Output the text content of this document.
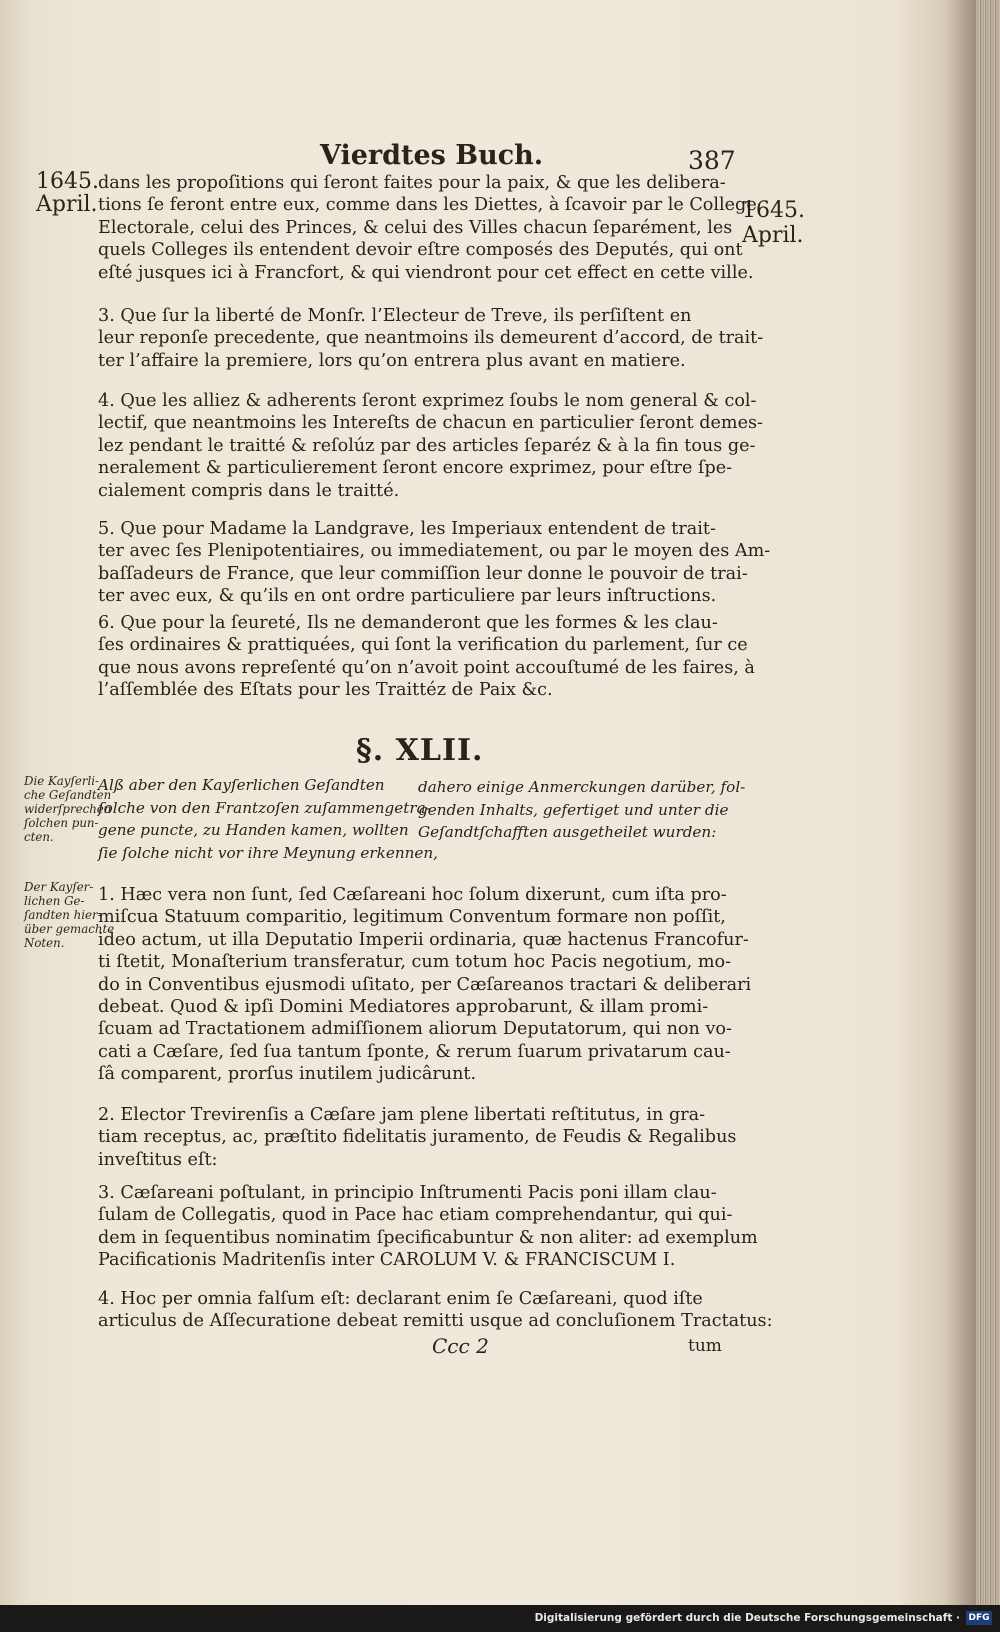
Vierdtes Buch.	387
1645.
April.	1645.
April.
dans les propoſitions qui ſeront faites pour la paix, & que les delibera-
tions ſe feront entre eux, comme dans les Diettes, à ſcavoir par le College
Electorale, celui des Princes, & celui des Villes chacun ſeparément, les
quels Colleges ils entendent devoir eſtre composés des Deputés, qui ont
eſté jusques ici à Francfort, & qui viendront pour cet effect en cette ville.
3. Que ſur la liberté de Monſr. l’Electeur de Treve, ils perſiſtent en
leur reponſe precedente, que neantmoins ils demeurent d’accord, de trait-
ter l’affaire la premiere, lors qu’on entrera plus avant en matiere.
4. Que les alliez & adherents ſeront exprimez ſoubs le nom general & col-
lectif, que neantmoins les Intereſts de chacun en particulier ſeront demes-
lez pendant le traitté & reſolúz par des articles ſeparéz & à la fin tous ge-
neralement & particulierement ſeront encore exprimez, pour eſtre ſpe-
cialement compris dans le traitté.
5. Que pour Madame la Landgrave, les Imperiaux entendent de trait-
ter avec ſes Plenipotentiaires, ou immediatement, ou par le moyen des Am-
baſſadeurs de France, que leur commiſſion leur donne le pouvoir de trai-
ter avec eux, & qu’ils en ont ordre particuliere par leurs inſtructions.
6. Que pour la ſeureté, Ils ne demanderont que les formes & les clau-
ſes ordinaires & prattiquées, qui ſont la verification du parlement, ſur ce
que nous avons repreſenté qu’on n’avoit point accouſtumé de les faires, à
l’aſſemblée des Eſtats pour les Traittéz de Paix &c.
§. XLII.
Die Kayſerli-
che Geſandten
widerſprechen
ſolchen pun-
cten.
Der Kayſer-
lichen Ge-
ſandten hier-
über gemachte
Noten.
Alß aber den Kayſerlichen Geſandten
ſolche von den Frantzoſen zuſammengetra-
gene puncte, zu Handen kamen, wollten
ſie ſolche nicht vor ihre Meynung erkennen,
dahero einige Anmerckungen darüber, fol-
genden Inhalts, gefertiget und unter die
Geſandtſchafften ausgetheilet wurden:
1. Hæc vera non ſunt, ſed Cæſareani hoc ſolum dixerunt, cum iſta pro-
miſcua Statuum comparitio, legitimum Conventum formare non poſſit,
ideo actum, ut illa Deputatio Imperii ordinaria, quæ hactenus Francofur-
ti ſtetit, Monaſterium transferatur, cum totum hoc Pacis negotium, mo-
do in Conventibus ejusmodi uſitato, per Cæſareanos tractari & deliberari
debeat. Quod & ipſi Domini Mediatores approbarunt, & illam promi-
ſcuam ad Tractationem admiſſionem aliorum Deputatorum, qui non vo-
cati a Cæſare, ſed ſua tantum ſponte, & rerum ſuarum privatarum cau-
ſâ comparent, prorſus inutilem judicârunt.
2. Elector Trevirenſis a Cæſare jam plene libertati reſtitutus, in gra-
tiam receptus, ac, præſtito fidelitatis juramento, de Feudis & Regalibus
inveſtitus eſt:
3. Cæſareani poſtulant, in principio Inſtrumenti Pacis poni illam clau-
ſulam de Collegatis, quod in Pace hac etiam comprehendantur, qui qui-
dem in ſequentibus nominatim ſpecificabuntur & non aliter: ad exemplum
Pacificationis Madritenſis inter CAROLUM V. & FRANCISCUM I.
4. Hoc per omnia falſum eſt: declarant enim ſe Cæſareani, quod iſte
articulus de Aſſecuratione debeat remitti usque ad concluſionem Tractatus:
Ccc 2	tum
Digitalisierung gefördert durch die Deutsche Forschungsgemeinschaft · DFG
